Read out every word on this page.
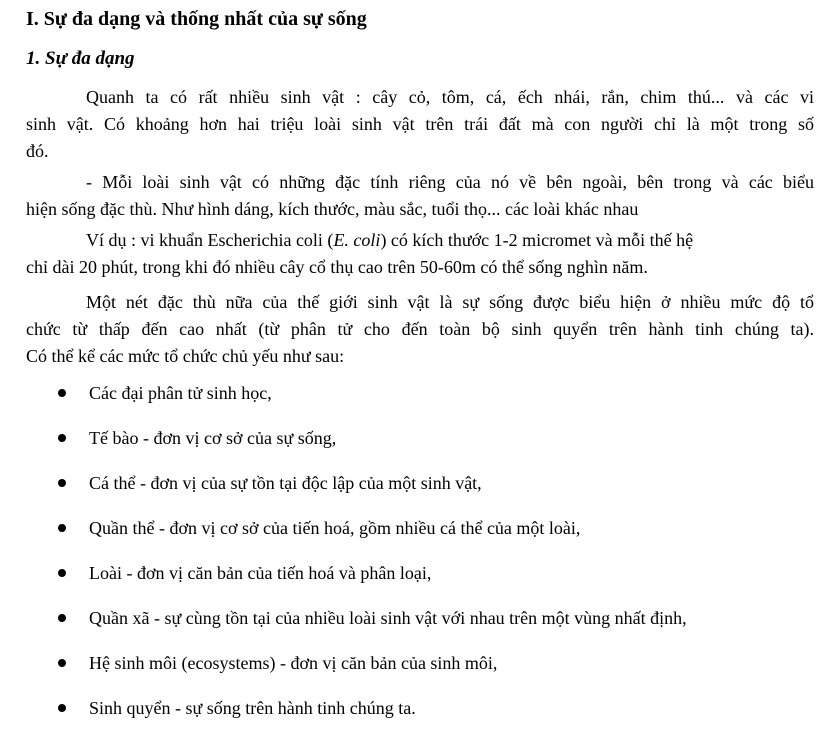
I. Sự đa dạng và thống nhất của sự sống
1. Sự đa dạng
Quanh ta có rất nhiều sinh vật : cây cỏ, tôm, cá, ếch nhái, rắn, chim thú... và các vi
sinh vật. Có khoảng hơn hai triệu loài sinh vật trên trái đất mà con người chỉ là một trong số
đó.
- Mỗi loài sinh vật có những đặc tính riêng của nó về bên ngoài, bên trong và các biểu
hiện sống đặc thù. Như hình dáng, kích thước, màu sắc, tuổi thọ... các loài khác nhau
Ví dụ : vi khuẩn Escherichia coli (E. coli) có kích thước 1-2 micromet và mỗi thế hệ
chỉ dài 20 phút, trong khi đó nhiều cây cổ thụ cao trên 50-60m có thể sống nghìn năm.
Một nét đặc thù nữa của thế giới sinh vật là sự sống được biểu hiện ở nhiều mức độ tổ
chức từ thấp đến cao nhất (từ phân tử cho đến toàn bộ sinh quyển trên hành tinh chúng ta).
Có thể kể các mức tổ chức chủ yếu như sau:
Các đại phân tử sinh học,
Tế bào - đơn vị cơ sở của sự sống,
Cá thể - đơn vị của sự tồn tại độc lập của một sinh vật,
Quần thể - đơn vị cơ sở của tiến hoá, gồm nhiều cá thể của một loài,
Loài - đơn vị căn bản của tiến hoá và phân loại,
Quần xã - sự cùng tồn tại của nhiều loài sinh vật với nhau trên một vùng nhất định,
Hệ sinh môi (ecosystems) - đơn vị căn bản của sinh môi,
Sinh quyển - sự sống trên hành tinh chúng ta.
